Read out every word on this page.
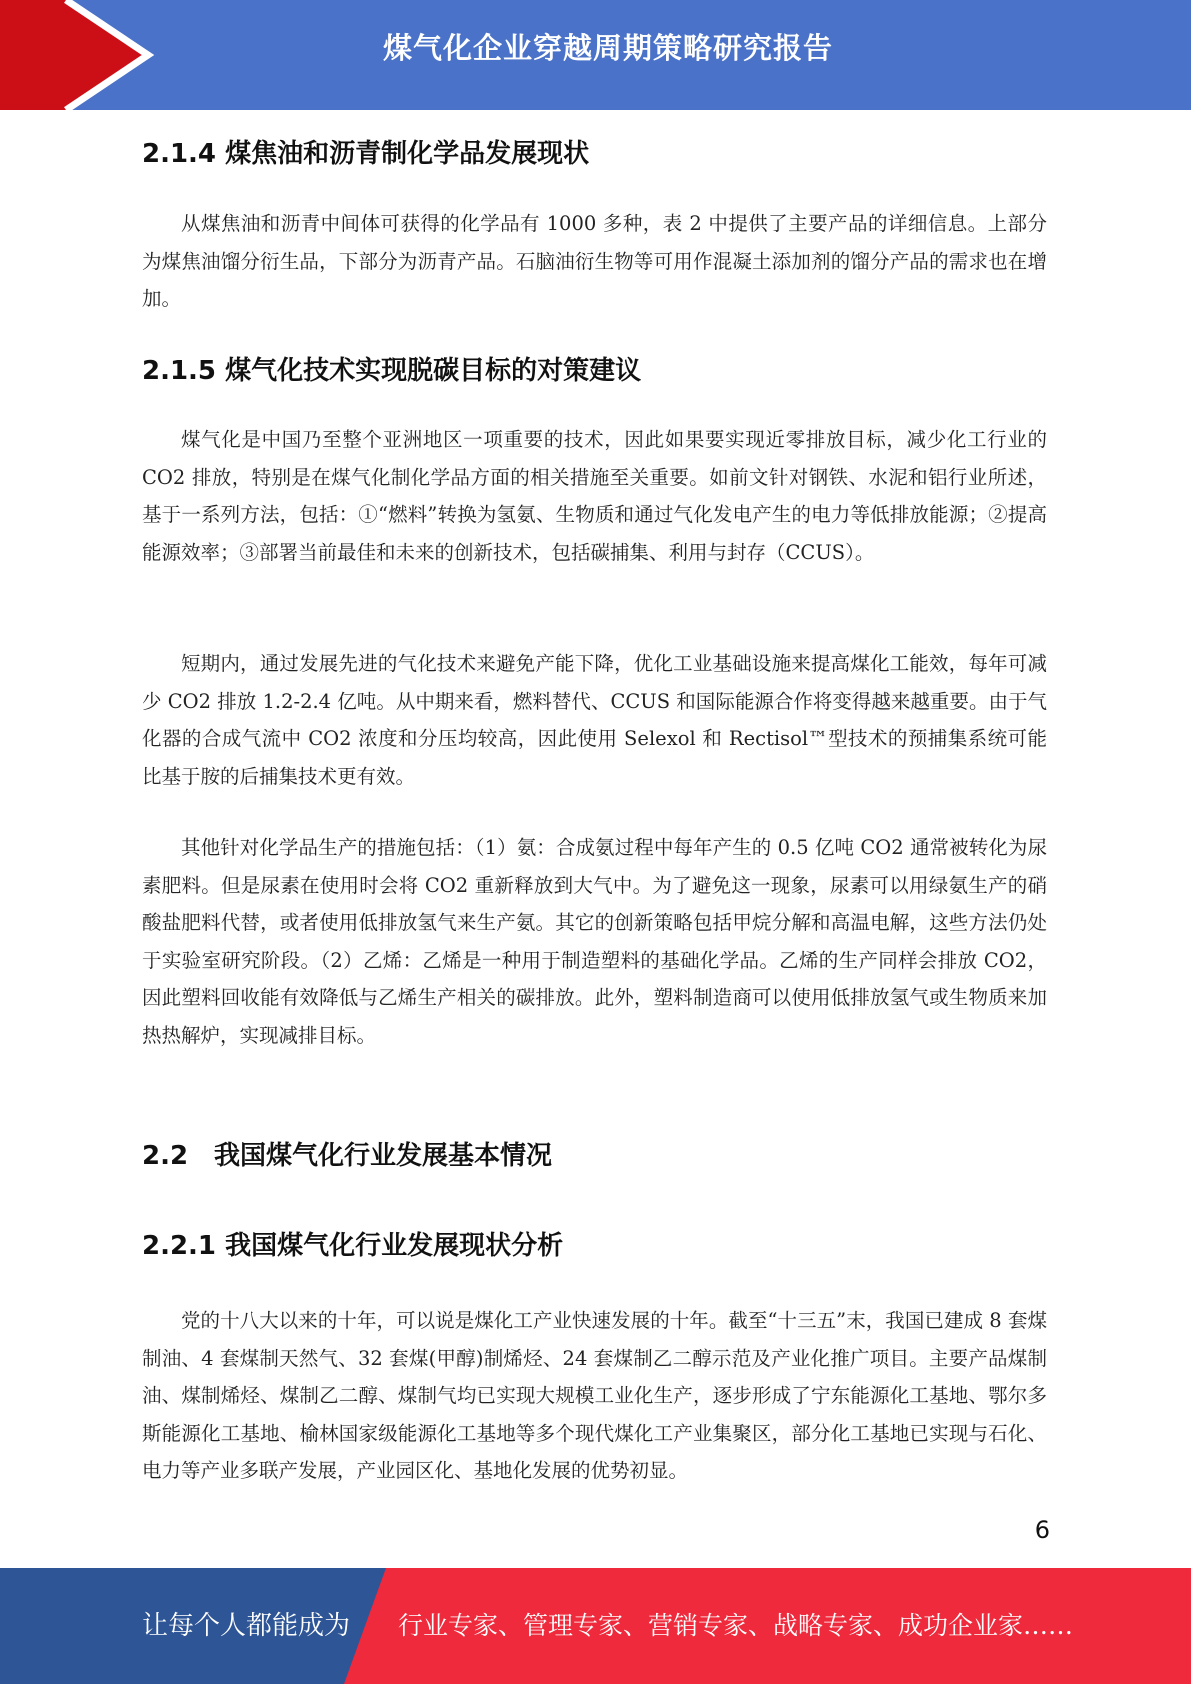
煤气化企业穿越周期策略研究报告
2.1.4 煤焦油和沥青制化学品发展现状

从煤焦油和沥青中间体可获得的化学品有 1000 多种，表 2 中提供了主要产品的详细信息。上部分为煤焦油馏分衍生品，下部分为沥青产品。石脑油衍生物等可用作混凝土添加剂的馏分产品的需求也在增加。

2.1.5 煤气化技术实现脱碳目标的对策建议

煤气化是中国乃至整个亚洲地区一项重要的技术，因此如果要实现近零排放目标，减少化工行业的 CO2 排放，特别是在煤气化制化学品方面的相关措施至关重要。如前文针对钢铁、水泥和铝行业所述，基于一系列方法，包括：①“燃料”转换为氢氨、生物质和通过气化发电产生的电力等低排放能源；②提高能源效率；③部署当前最佳和未来的创新技术，包括碳捕集、利用与封存（CCUS）。

短期内，通过发展先进的气化技术来避免产能下降，优化工业基础设施来提高煤化工能效，每年可减少 CO2 排放 1.2-2.4 亿吨。从中期来看，燃料替代、CCUS 和国际能源合作将变得越来越重要。由于气化器的合成气流中 CO2 浓度和分压均较高，因此使用 Selexol 和 Rectisol™型技术的预捕集系统可能比基于胺的后捕集技术更有效。

其他针对化学品生产的措施包括：（1）氨：合成氨过程中每年产生的 0.5 亿吨 CO2 通常被转化为尿素肥料。但是尿素在使用时会将 CO2 重新释放到大气中。为了避免这一现象，尿素可以用绿氨生产的硝酸盐肥料代替，或者使用低排放氢气来生产氨。其它的创新策略包括甲烷分解和高温电解，这些方法仍处于实验室研究阶段。（2）乙烯：乙烯是一种用于制造塑料的基础化学品。乙烯的生产同样会排放 CO2，因此塑料回收能有效降低与乙烯生产相关的碳排放。此外，塑料制造商可以使用低排放氢气或生物质来加热热解炉，实现减排目标。

2.2　我国煤气化行业发展基本情况
2.2.1 我国煤气化行业发展现状分析

党的十八大以来的十年，可以说是煤化工产业快速发展的十年。截至“十三五”末，我国已建成 8 套煤制油、4 套煤制天然气、32 套煤(甲醇)制烯烃、24 套煤制乙二醇示范及产业化推广项目。主要产品煤制油、煤制烯烃、煤制乙二醇、煤制气均已实现大规模工业化生产，逐步形成了宁东能源化工基地、鄂尔多斯能源化工基地、榆林国家级能源化工基地等多个现代煤化工产业集聚区，部分化工基地已实现与石化、电力等产业多联产发展，产业园区化、基地化发展的优势初显。

6
让每个人都能成为 行业专家、管理专家、营销专家、战略专家、成功企业家……
